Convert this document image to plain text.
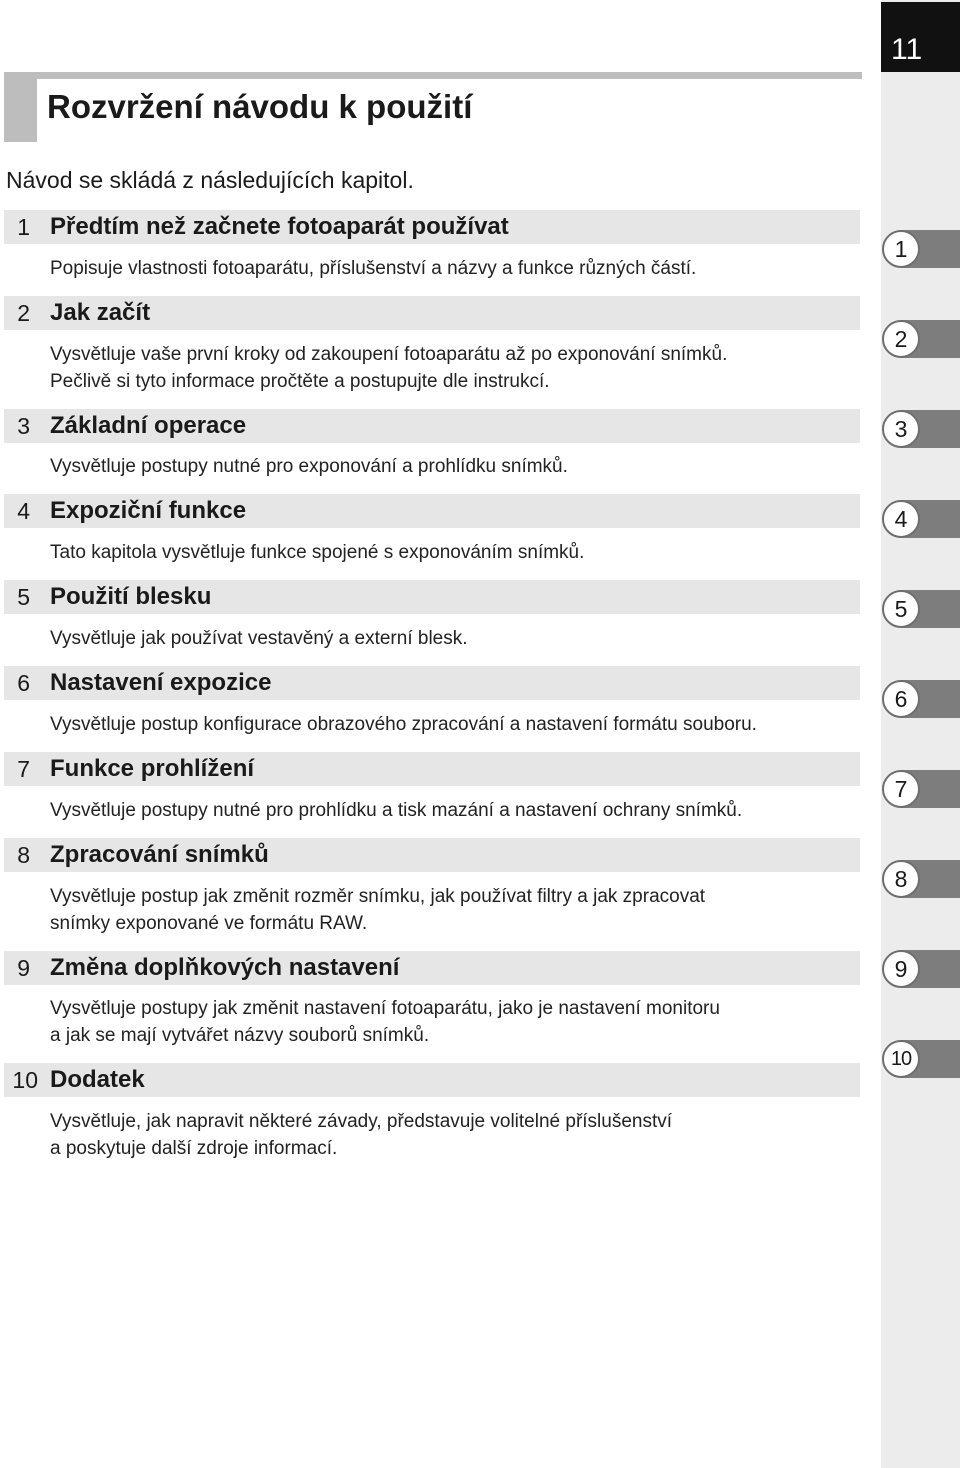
11
Rozvržení návodu k použití
Návod se skládá z následujících kapitol.
1 Předtím než začnete fotoaparát používat
Popisuje vlastnosti fotoaparátu, příslušenství a názvy a funkce různých částí.
2 Jak začít
Vysvětluje vaše první kroky od zakoupení fotoaparátu až po exponování snímků.
Pečlivě si tyto informace pročtěte a postupujte dle instrukcí.
3 Základní operace
Vysvětluje postupy nutné pro exponování a prohlídku snímků.
4 Expoziční funkce
Tato kapitola vysvětluje funkce spojené s exponováním snímků.
5 Použití blesku
Vysvětluje jak používat vestavěný a externí blesk.
6 Nastavení expozice
Vysvětluje postup konfigurace obrazového zpracování a nastavení formátu souboru.
7 Funkce prohlížení
Vysvětluje postupy nutné pro prohlídku a tisk mazání a nastavení ochrany snímků.
8 Zpracování snímků
Vysvětluje postup jak změnit rozměr snímku, jak používat filtry a jak zpracovat
snímky exponované ve formátu RAW.
9 Změna doplňkových nastavení
Vysvětluje postupy jak změnit nastavení fotoaparátu, jako je nastavení monitoru
a jak se mají vytvářet názvy souborů snímků.
10 Dodatek
Vysvětluje, jak napravit některé závady, představuje volitelné příslušenství
a poskytuje další zdroje informací.
1
2
3
4
5
6
7
8
9
10
